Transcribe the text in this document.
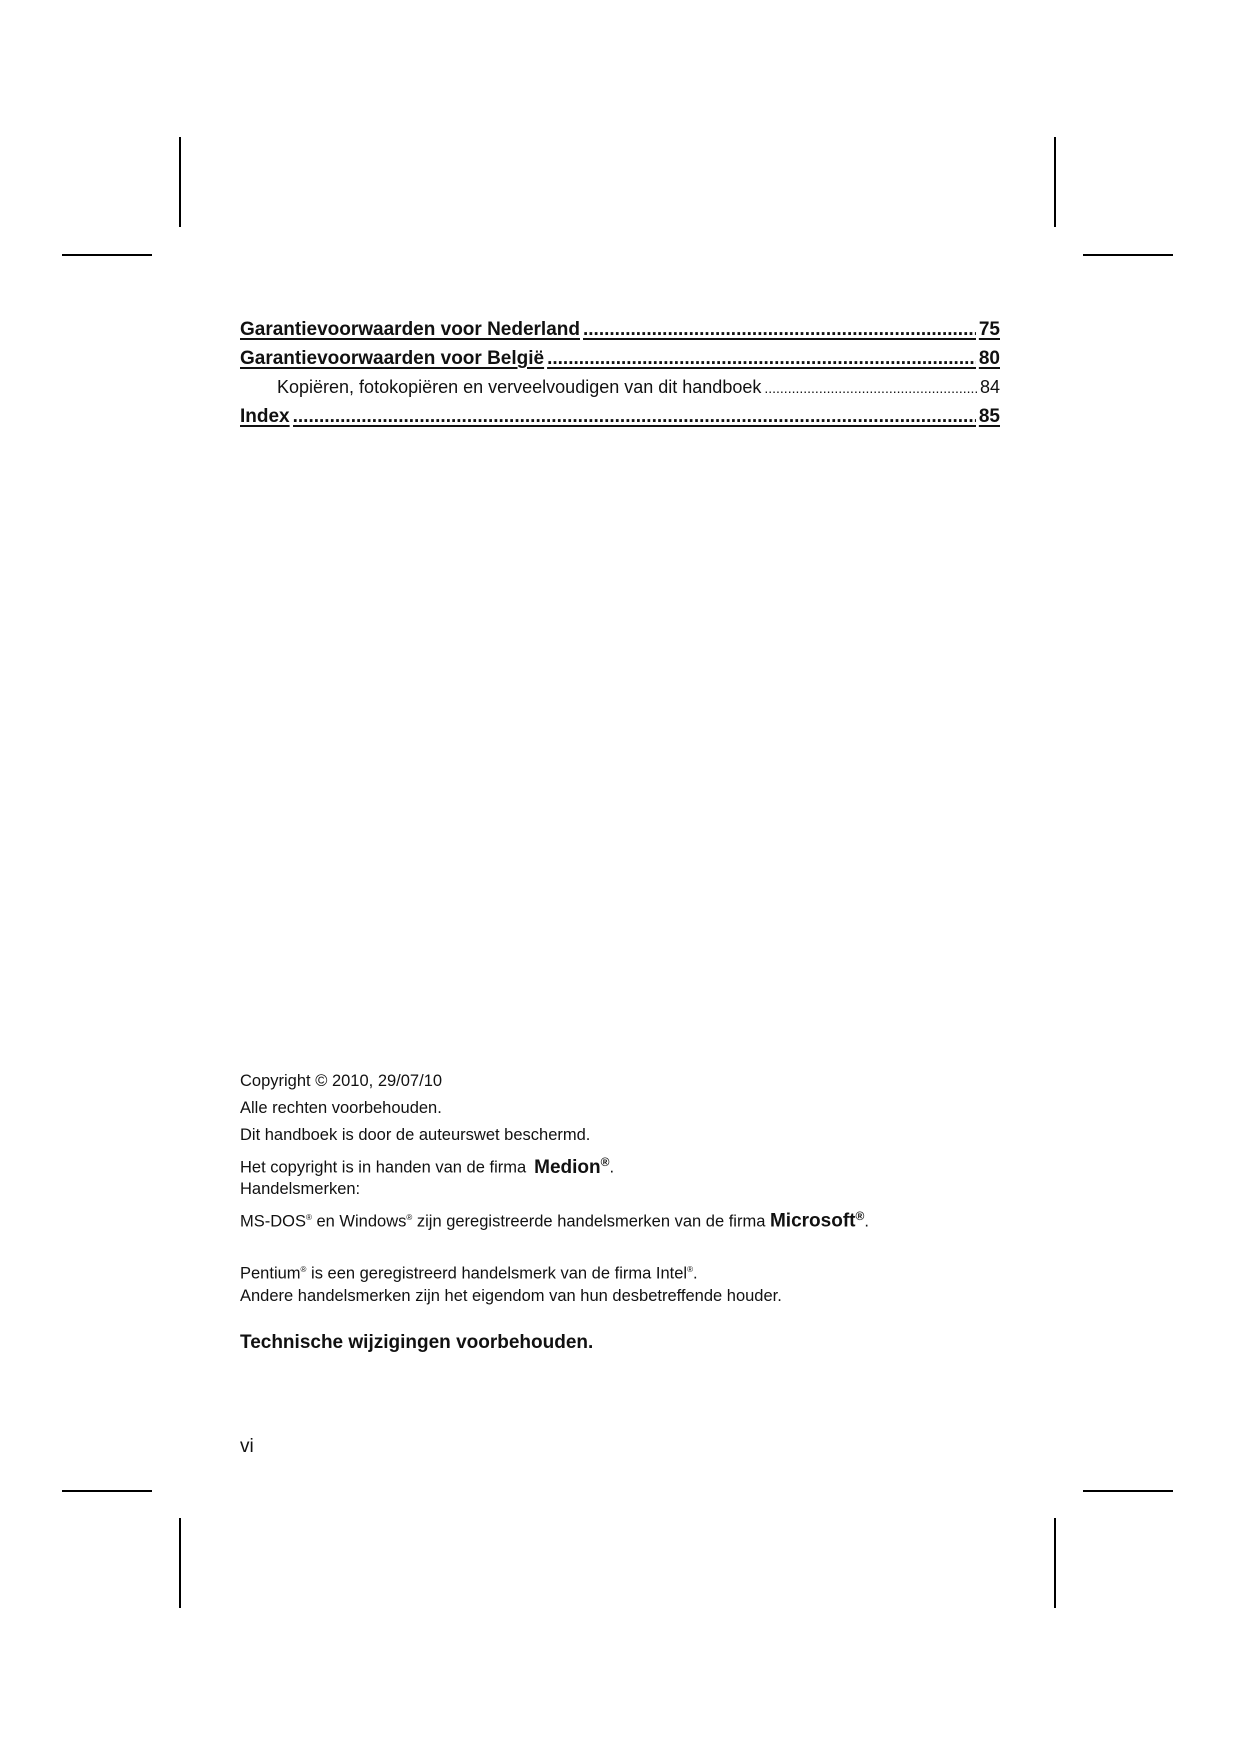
Garantievoorwaarden voor Nederland .....	75
Garantievoorwaarden voor België .....	80
Kopiëren, fotokopiëren en verveelvoudigen van dit handboek .....	84
Index .....	85
Copyright © 2010, 29/07/10
Alle rechten voorbehouden.
Dit handboek is door de auteurswet beschermd.
Het copyright is in handen van de firma Medion®.
Handelsmerken:
MS-DOS® en Windows® zijn geregistreerde handelsmerken van de firma Microsoft®.
Pentium® is een geregistreerd handelsmerk van de firma Intel®.
Andere handelsmerken zijn het eigendom van hun desbetreffende houder.
Technische wijzigingen voorbehouden.
vi
